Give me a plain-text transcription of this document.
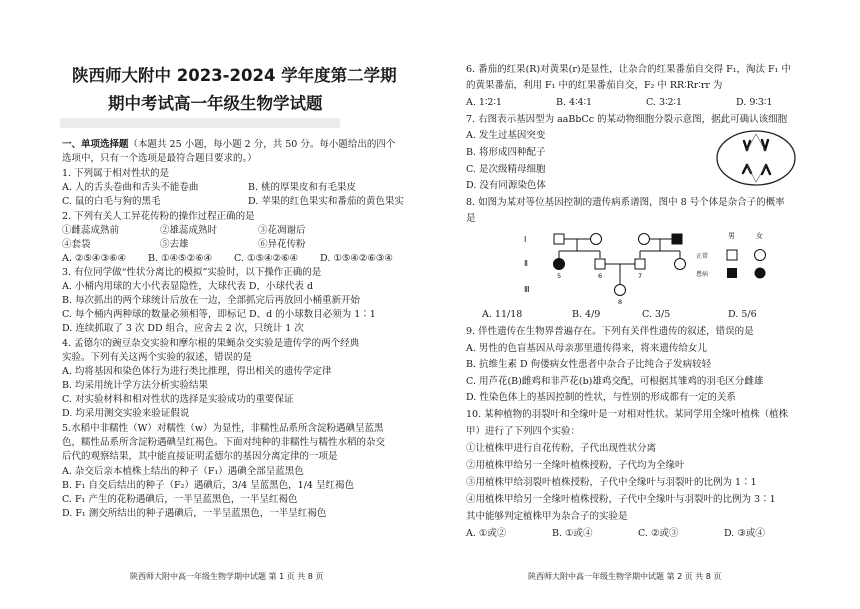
陕西师大附中 2023-2024 学年度第二学期
期中考试高一年级生物学试题
一、单项选择题（本题共 25 小题，每小题 2 分，共 50 分。每小题给出的四个
选项中，只有一个选项是最符合题目要求的。）
1. 下列属于相对性状的是
A. 人的舌头卷曲和舌头不能卷曲	B. 桃的厚果皮和有毛果皮
C. 鼠的白毛与狗的黑毛	D. 苹果的红色果实和番茄的黄色果实
2. 下列有关人工异花传粉的操作过程正确的是
①雌蕊成熟前	②雄蕊成熟时	③花凋谢后
④套袋	⑤去雄	⑥异花传粉
A. ②⑤④③⑥④ B. ①④⑤②⑥④ C. ①⑤④②⑥④ D. ①⑤④②⑥③④
3. 有位同学做“性状分离比的模拟”实验时，以下操作正确的是
A. 小桶内用球的大小代表显隐性，大球代表 D，小球代表 d
B. 每次抓出的两个球统计后放在一边，全部抓完后再放回小桶重新开始
C. 每个桶内两种球的数量必须相等，即标记 D、d 的小球数目必须为 1∶1
D. 连续抓取了 3 次 DD 组合，应舍去 2 次，只统计 1 次
4. 孟德尔的豌豆杂交实验和摩尔根的果蝇杂交实验是遗传学的两个经典
实验。下列有关这两个实验的叙述，错误的是
A. 均将基因和染色体行为进行类比推理，得出相关的遗传学定律
B. 均采用统计学方法分析实验结果
C. 对实验材料和相对性状的选择是实验成功的重要保证
D. 均采用测交实验来验证假说
5.水稻中非糯性（W）对糯性（w）为显性，非糯性品系所含淀粉遇碘呈蓝黑
色，糯性品系所含淀粉遇碘呈红褐色。下面对纯种的非糯性与糯性水稻的杂交
后代的观察结果，其中能直接证明孟德尔的基因分离定律的一项是
A. 杂交后亲本植株上结出的种子（F₁）遇碘全部呈蓝黑色
B. F₁ 自交后结出的种子（F₂）遇碘后，3/4 呈蓝黑色，1/4 呈红褐色
C. F₁ 产生的花粉遇碘后，一半呈蓝黑色，一半呈红褐色
D. F₁ 测交所结出的种子遇碘后，一半呈蓝黑色，一半呈红褐色
陕西师大附中高一年级生物学期中试题 第 1 页 共 8 页
6. 番茄的红果(R)对黄果(r)是显性，让杂合的红果番茄自交得 F₁，淘汰 F₁ 中
的黄果番茄，利用 F₁ 中的红果番茄自交，F₂ 中 RR∶Rr∶rr 为
A. 1∶2∶1	B. 4∶4∶1	C. 3∶2∶1	D. 9∶3∶1
7. 右图表示基因型为 aaBbCc 的某动物细胞分裂示意图，据此可确认该细胞
A. 发生过基因突变
B. 将形成四种配子
C. 是次级精母细胞
D. 没有同源染色体
8. 如图为某对等位基因控制的遗传病系谱图，图中 8 号个体是杂合子的概率
是
Ⅰ
Ⅱ
Ⅲ
5	6	7
8
男	女
正常
患病
A. 11/18	B. 4/9	C. 3/5	D. 5/6
9. 伴性遗传在生物界普遍存在。下列有关伴性遗传的叙述，错误的是
A. 男性的色盲基因从母亲那里遗传得来，将来遗传给女儿
B. 抗维生素 D 佝偻病女性患者中杂合子比纯合子发病较轻
C. 用芦花(B)雌鸡和非芦花(b)雄鸡交配，可根据其雏鸡的羽毛区分雌雄
D. 性染色体上的基因控制的性状，与性别的形成都有一定的关系
10. 某种植物的羽裂叶和全缘叶是一对相对性状。某同学用全缘叶植株（植株
甲）进行了下列四个实验：
①让植株甲进行自花传粉，子代出现性状分离
②用植株甲给另一全缘叶植株授粉，子代均为全缘叶
③用植株甲给羽裂叶植株授粉，子代中全缘叶与羽裂叶的比例为 1∶1
④用植株甲给另一全缘叶植株授粉，子代中全缘叶与羽裂叶的比例为 3∶1
其中能够判定植株甲为杂合子的实验是
A. ①或②	B. ①或④	C. ②或③	D. ③或④
陕西师大附中高一年级生物学期中试题 第 2 页 共 8 页
